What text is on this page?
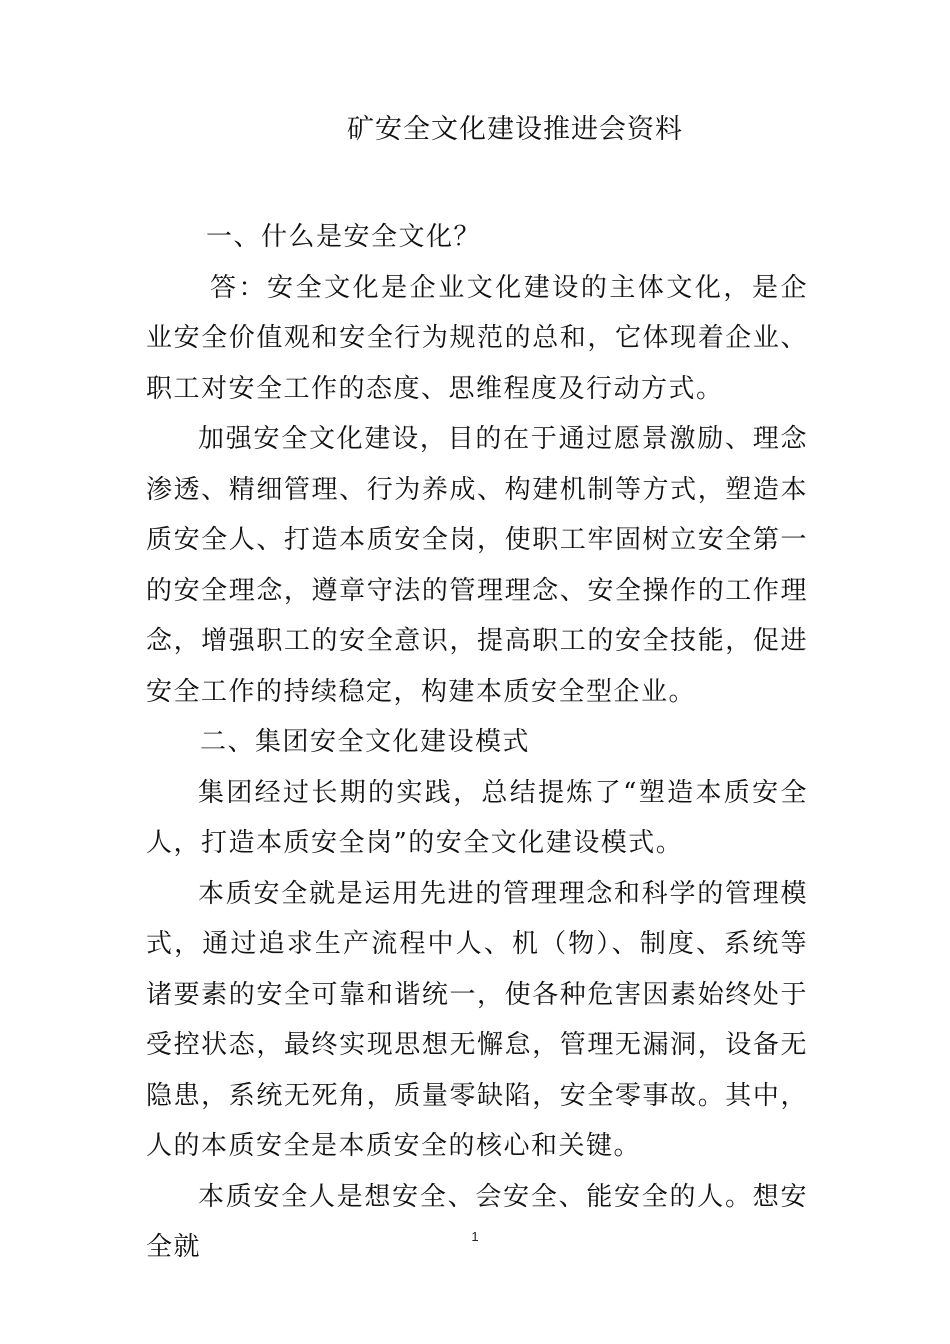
矿安全文化建设推进会资料

一、什么是安全文化？

答：安全文化是企业文化建设的主体文化，是企业安全价值观和安全行为规范的总和，它体现着企业、职工对安全工作的态度、思维程度及行动方式。

加强安全文化建设，目的在于通过愿景激励、理念渗透、精细管理、行为养成、构建机制等方式，塑造本质安全人、打造本质安全岗，使职工牢固树立安全第一的安全理念，遵章守法的管理理念、安全操作的工作理念，增强职工的安全意识，提高职工的安全技能，促进安全工作的持续稳定，构建本质安全型企业。

二、集团安全文化建设模式

集团经过长期的实践，总结提炼了“塑造本质安全人，打造本质安全岗”的安全文化建设模式。

本质安全就是运用先进的管理理念和科学的管理模式，通过追求生产流程中人、机（物）、制度、系统等诸要素的安全可靠和谐统一，使各种危害因素始终处于受控状态，最终实现思想无懈怠，管理无漏洞，设备无隐患，系统无死角，质量零缺陷，安全零事故。其中，人的本质安全是本质安全的核心和关键。

本质安全人是想安全、会安全、能安全的人。想安全就	1
